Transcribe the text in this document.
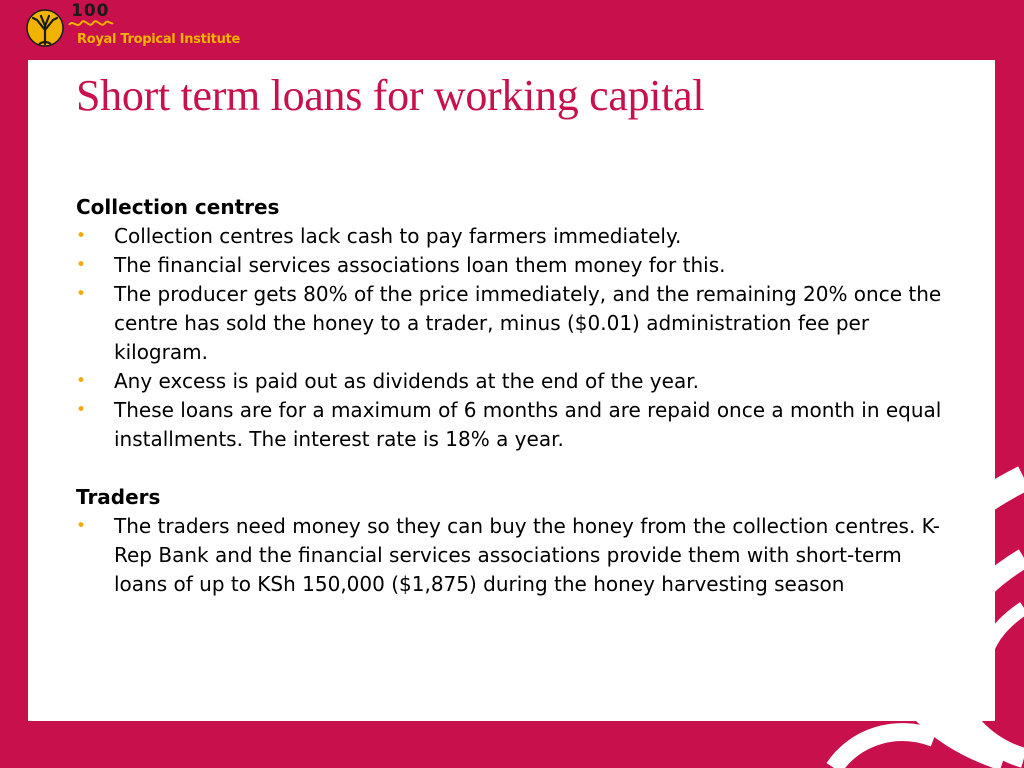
100
Royal Tropical Institute
Short term loans for working capital

Collection centres

• Collection centres lack cash to pay farmers immediately.
• The financial services associations loan them money for this.
• The producer gets 80% of the price immediately, and the remaining 20% once the centre has sold the honey to a trader, minus ($0.01) administration fee per kilogram.
• Any excess is paid out as dividends at the end of the year.
• These loans are for a maximum of 6 months and are repaid once a month in equal installments. The interest rate is 18% a year.

Traders

• The traders need money so they can buy the honey from the collection centres. K-Rep Bank and the financial services associations provide them with short-term loans of up to KSh 150,000 ($1,875) during the honey harvesting season
